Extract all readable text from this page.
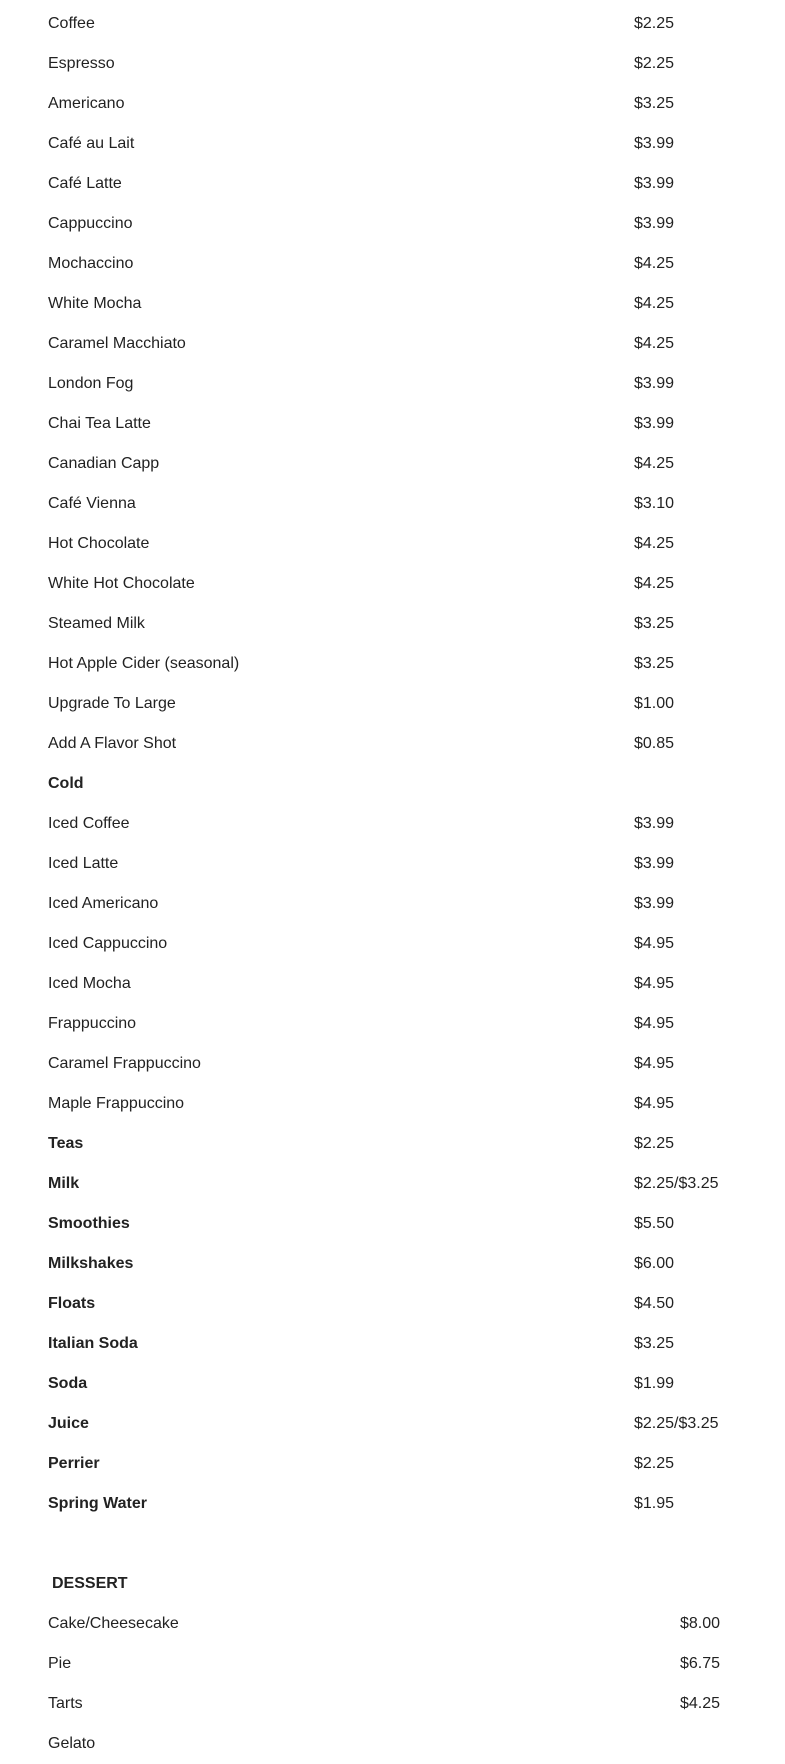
Coffee	$2.25
Espresso	$2.25
Americano	$3.25
Café au Lait	$3.99
Café Latte	$3.99
Cappuccino	$3.99
Mochaccino	$4.25
White Mocha	$4.25
Caramel Macchiato	$4.25
London Fog	$3.99
Chai Tea Latte	$3.99
Canadian Capp	$4.25
Café Vienna	$3.10
Hot Chocolate	$4.25
White Hot Chocolate	$4.25
Steamed Milk	$3.25
Hot Apple Cider (seasonal)	$3.25
Upgrade To Large	$1.00
Add A Flavor Shot	$0.85
Cold
Iced Coffee	$3.99
Iced Latte	$3.99
Iced Americano	$3.99
Iced Cappuccino	$4.95
Iced Mocha	$4.95
Frappuccino	$4.95
Caramel Frappuccino	$4.95
Maple Frappuccino	$4.95
Teas	$2.25
Milk	$2.25/$3.25
Smoothies	$5.50
Milkshakes	$6.00
Floats	$4.50
Italian Soda	$3.25
Soda	$1.99
Juice	$2.25/$3.25
Perrier	$2.25
Spring Water	$1.95
DESSERT
Cake/Cheesecake	$8.00
Pie	$6.75
Tarts	$4.25
Gelato
